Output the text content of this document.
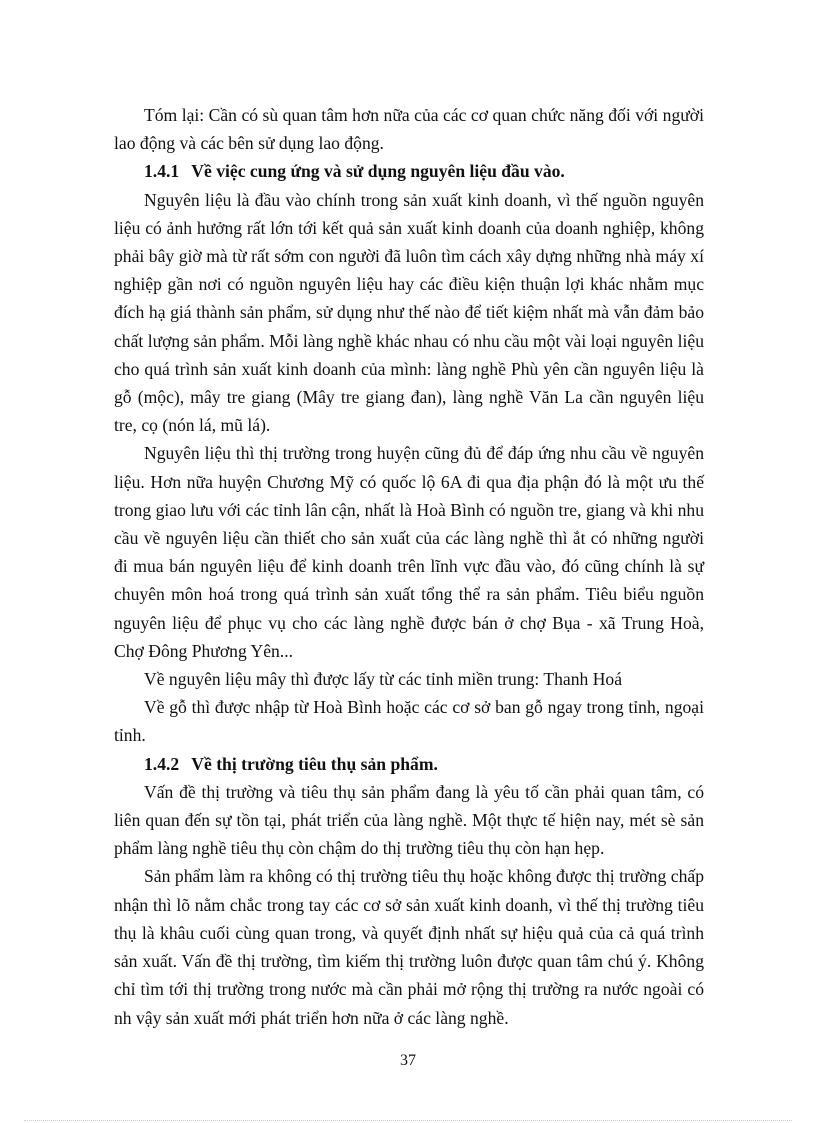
Tóm lại: Cần có sù quan tâm hơn nữa của các cơ quan chức năng đối với người lao động và các bên sử dụng lao động.

1.4.1 Về việc cung ứng và sử dụng nguyên liệu đầu vào.

Nguyên liệu là đầu vào chính trong sản xuất kinh doanh, vì thế nguồn nguyên liệu có ảnh hưởng rất lớn tới kết quả sản xuất kinh doanh của doanh nghiệp, không phải bây giờ mà từ rất sớm con người đã luôn tìm cách xây dựng những nhà máy xí nghiệp gần nơi có nguồn nguyên liệu hay các điều kiện thuận lợi khác nhằm mục đích hạ giá thành sản phẩm, sử dụng như thế nào để tiết kiệm nhất mà vẫn đảm bảo chất lượng sản phẩm. Mỗi làng nghề khác nhau có nhu cầu một vài loại nguyên liệu cho quá trình sản xuất kinh doanh của mình: làng nghề Phù yên cần nguyên liệu là gỗ (mộc), mây tre giang (Mây tre giang đan), làng nghề Văn La cần nguyên liệu tre, cọ (nón lá, mũ lá).

Nguyên liệu thì thị trường trong huyện cũng đủ để đáp ứng nhu cầu về nguyên liệu. Hơn nữa huyện Chương Mỹ có quốc lộ 6A đi qua địa phận đó là một ưu thế trong giao lưu với các tỉnh lân cận, nhất là Hoà Bình có nguồn tre, giang và khi nhu cầu về nguyên liệu cần thiết cho sản xuất của các làng nghề thì ắt có những người đi mua bán nguyên liệu để kinh doanh trên lĩnh vực đầu vào, đó cũng chính là sự chuyên môn hoá trong quá trình sản xuất tổng thể ra sản phẩm. Tiêu biểu nguồn nguyên liệu để phục vụ cho các làng nghề được bán ở chợ Bụa - xã Trung Hoà, Chợ Đông Phương Yên...

Về nguyên liệu mây thì được lấy từ các tỉnh miền trung: Thanh Hoá

Về gỗ thì được nhập từ Hoà Bình hoặc các cơ sở ban gỗ ngay trong tỉnh, ngoại tỉnh.

1.4.2 Về thị trường tiêu thụ sản phẩm.

Vấn đề thị trường và tiêu thụ sản phẩm đang là yêu tố cần phải quan tâm, có liên quan đến sự tồn tại, phát triển của làng nghề. Một thực tế hiện nay, mét sè sản phẩm làng nghề tiêu thụ còn chậm do thị trường tiêu thụ còn hạn hẹp.

Sản phẩm làm ra không có thị trường tiêu thụ hoặc không được thị trường chấp nhận thì lõ nằm chắc trong tay các cơ sở sản xuất kinh doanh, vì thế thị trường tiêu thụ là khâu cuối cùng quan trong, và quyết định nhất sự hiệu quả của cả quá trình sản xuất. Vấn đề thị trường, tìm kiếm thị trường luôn được quan tâm chú ý. Không chỉ tìm tới thị trường trong nước mà cần phải mở rộng thị trường ra nước ngoài có nh vậy sản xuất mới phát triển hơn nữa ở các làng nghề.

37
